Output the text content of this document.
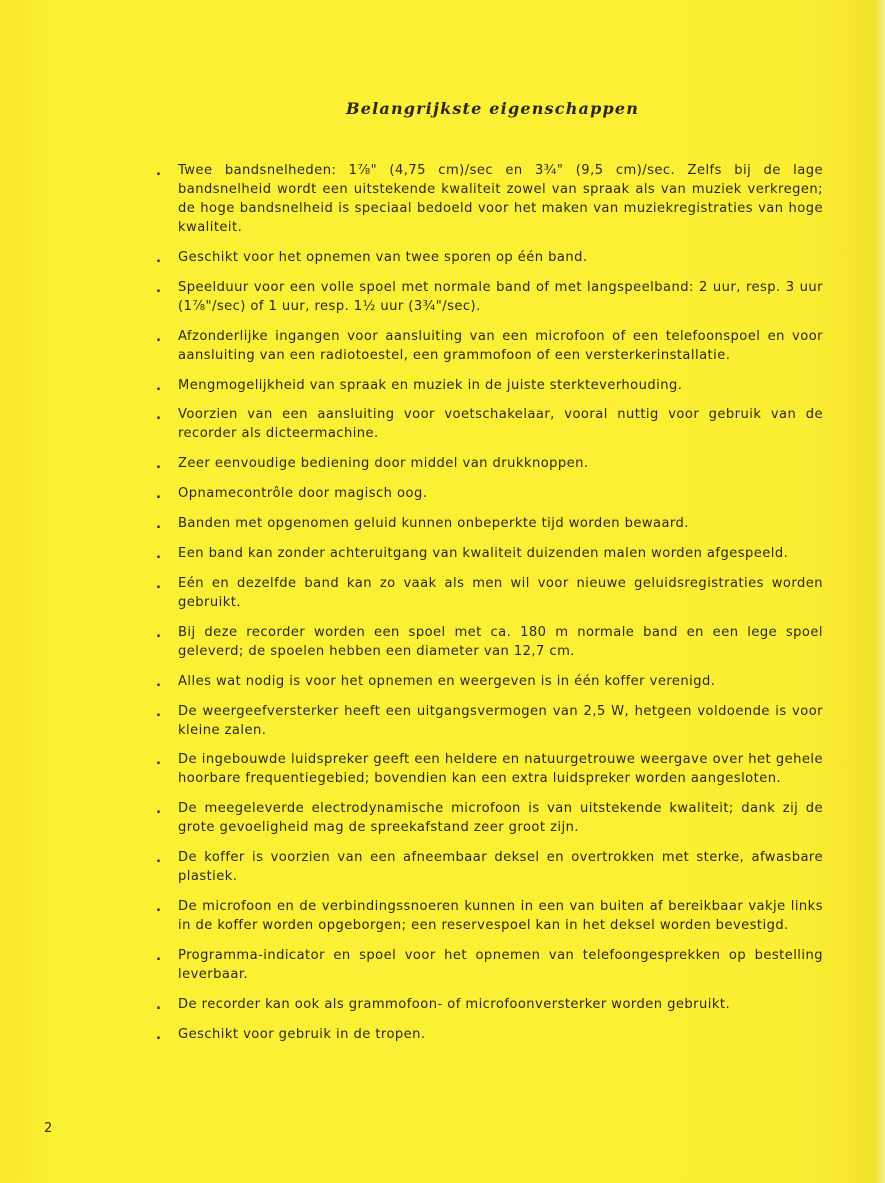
Belangrijkste eigenschappen
. Twee bandsnelheden: 1⅞" (4,75 cm)/sec en 3¾" (9,5 cm)/sec. Zelfs bij de lage bandsnelheid wordt een uitstekende kwaliteit zowel van spraak als van muziek verkregen; de hoge bandsnelheid is speciaal bedoeld voor het maken van muziekregistraties van hoge kwaliteit.
. Geschikt voor het opnemen van twee sporen op één band.
. Speelduur voor een volle spoel met normale band of met langspeelband: 2 uur, resp. 3 uur (1⅞"/sec) of 1 uur, resp. 1½ uur (3¾"/sec).
. Afzonderlijke ingangen voor aansluiting van een microfoon of een telefoonspoel en voor aansluiting van een radiotoestel, een grammofoon of een versterkerinstallatie.
. Mengmogelijkheid van spraak en muziek in de juiste sterkteverhouding.
. Voorzien van een aansluiting voor voetschakelaar, vooral nuttig voor gebruik van de recorder als dicteermachine.
. Zeer eenvoudige bediening door middel van drukknoppen.
. Opnamecontrôle door magisch oog.
. Banden met opgenomen geluid kunnen onbeperkte tijd worden bewaard.
. Een band kan zonder achteruitgang van kwaliteit duizenden malen worden afgespeeld.
. Eén en dezelfde band kan zo vaak als men wil voor nieuwe geluidsregistraties worden gebruikt.
. Bij deze recorder worden een spoel met ca. 180 m normale band en een lege spoel geleverd; de spoelen hebben een diameter van 12,7 cm.
. Alles wat nodig is voor het opnemen en weergeven is in één koffer verenigd.
. De weergeefversterker heeft een uitgangsvermogen van 2,5 W, hetgeen voldoende is voor kleine zalen.
. De ingebouwde luidspreker geeft een heldere en natuurgetrouwe weergave over het gehele hoorbare frequentiegebied; bovendien kan een extra luidspreker worden aangesloten.
. De meegeleverde electrodynamische microfoon is van uitstekende kwaliteit; dank zij de grote gevoeligheid mag de spreekafstand zeer groot zijn.
. De koffer is voorzien van een afneembaar deksel en overtrokken met sterke, afwasbare plastiek.
. De microfoon en de verbindingssnoeren kunnen in een van buiten af bereikbaar vakje links in de koffer worden opgeborgen; een reservespoel kan in het deksel worden bevestigd.
. Programma-indicator en spoel voor het opnemen van telefoongesprekken op bestelling leverbaar.
. De recorder kan ook als grammofoon- of microfoonversterker worden gebruikt.
. Geschikt voor gebruik in de tropen.
2
